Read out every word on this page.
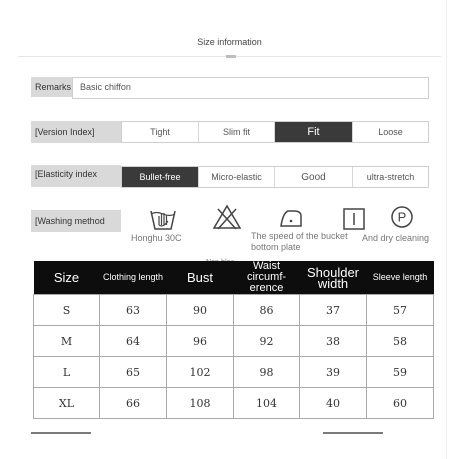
Size information
Remarks Basic chiffon
[Version Index]	Tight	Slim fit	Fit	Loose
[Elasticity index	Bullet-free	Micro-elastic	Good	ultra-stretch
[Washing method
Honghu 30C	The speed of the bucket bottom plate
P
And dry cleaning
Size	Clothing length	Bust	Waist circumf-erence	Shoulder width	Sleeve length
S	63	90	86	37	57
M	64	96	92	38	58
L	65	102	98	39	59
XL	66	108	104	40	60
